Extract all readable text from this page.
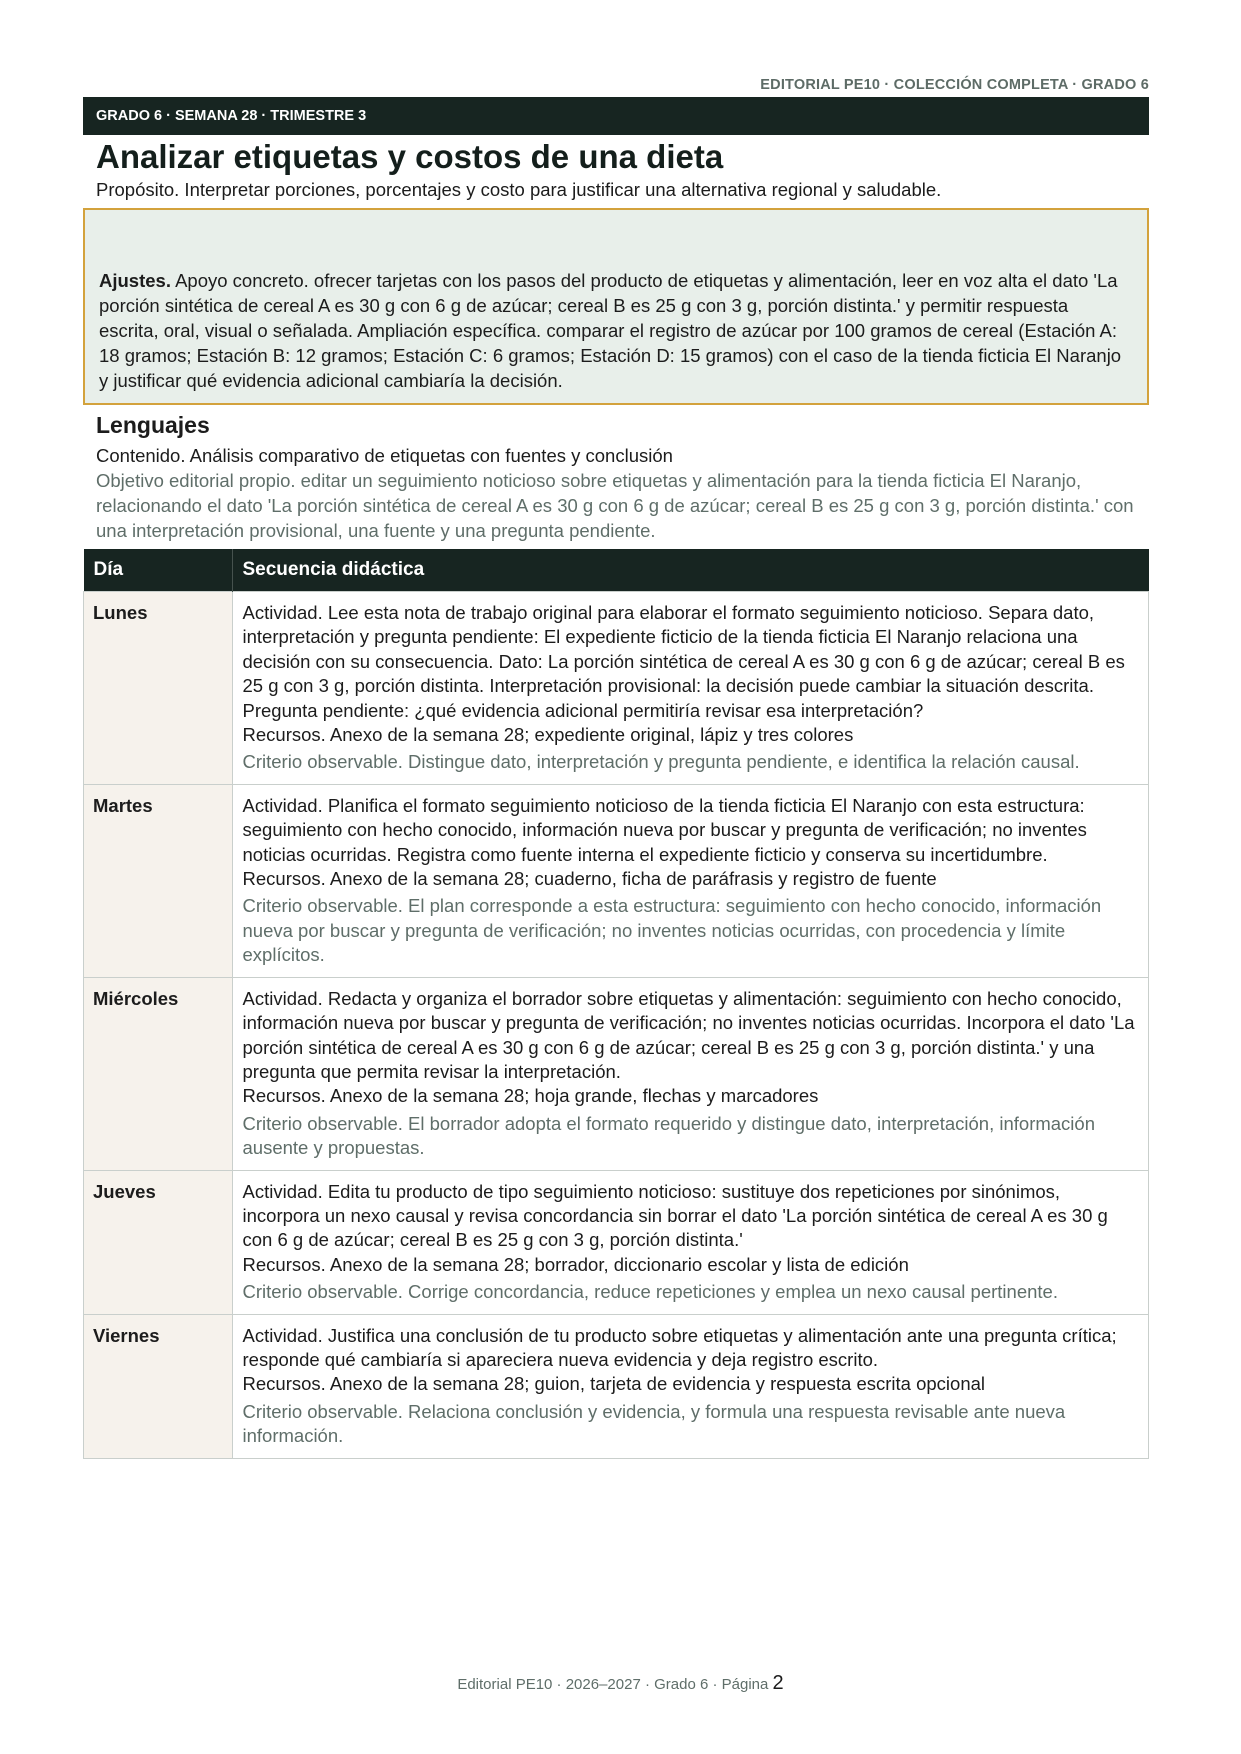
EDITORIAL PE10 · COLECCIÓN COMPLETA · GRADO 6
GRADO 6 · SEMANA 28 · TRIMESTRE 3
Analizar etiquetas y costos de una dieta
Propósito. Interpretar porciones, porcentajes y costo para justificar una alternativa regional y saludable.
Ajustes. Apoyo concreto. ofrecer tarjetas con los pasos del producto de etiquetas y alimentación, leer en voz alta el dato 'La porción sintética de cereal A es 30 g con 6 g de azúcar; cereal B es 25 g con 3 g, porción distinta.' y permitir respuesta escrita, oral, visual o señalada. Ampliación específica. comparar el registro de azúcar por 100 gramos de cereal (Estación A: 18 gramos; Estación B: 12 gramos; Estación C: 6 gramos; Estación D: 15 gramos) con el caso de la tienda ficticia El Naranjo y justificar qué evidencia adicional cambiaría la decisión.
Lenguajes
Contenido. Análisis comparativo de etiquetas con fuentes y conclusión
Objetivo editorial propio. editar un seguimiento noticioso sobre etiquetas y alimentación para la tienda ficticia El Naranjo, relacionando el dato 'La porción sintética de cereal A es 30 g con 6 g de azúcar; cereal B es 25 g con 3 g, porción distinta.' con una interpretación provisional, una fuente y una pregunta pendiente.
Día	Secuencia didáctica
Lunes	Actividad. Lee esta nota de trabajo original para elaborar el formato seguimiento noticioso. Separa dato, interpretación y pregunta pendiente: El expediente ficticio de la tienda ficticia El Naranjo relaciona una decisión con su consecuencia. Dato: La porción sintética de cereal A es 30 g con 6 g de azúcar; cereal B es 25 g con 3 g, porción distinta. Interpretación provisional: la decisión puede cambiar la situación descrita. Pregunta pendiente: ¿qué evidencia adicional permitiría revisar esa interpretación?
Recursos. Anexo de la semana 28; expediente original, lápiz y tres colores
Criterio observable. Distingue dato, interpretación y pregunta pendiente, e identifica la relación causal.

Martes	Actividad. Planifica el formato seguimiento noticioso de la tienda ficticia El Naranjo con esta estructura: seguimiento con hecho conocido, información nueva por buscar y pregunta de verificación; no inventes noticias ocurridas. Registra como fuente interna el expediente ficticio y conserva su incertidumbre.
Recursos. Anexo de la semana 28; cuaderno, ficha de paráfrasis y registro de fuente
Criterio observable. El plan corresponde a esta estructura: seguimiento con hecho conocido, información nueva por buscar y pregunta de verificación; no inventes noticias ocurridas, con procedencia y límite explícitos.

Miércoles	Actividad. Redacta y organiza el borrador sobre etiquetas y alimentación: seguimiento con hecho conocido, información nueva por buscar y pregunta de verificación; no inventes noticias ocurridas. Incorpora el dato 'La porción sintética de cereal A es 30 g con 6 g de azúcar; cereal B es 25 g con 3 g, porción distinta.' y una pregunta que permita revisar la interpretación.
Recursos. Anexo de la semana 28; hoja grande, flechas y marcadores
Criterio observable. El borrador adopta el formato requerido y distingue dato, interpretación, información ausente y propuestas.

Jueves	Actividad. Edita tu producto de tipo seguimiento noticioso: sustituye dos repeticiones por sinónimos, incorpora un nexo causal y revisa concordancia sin borrar el dato 'La porción sintética de cereal A es 30 g con 6 g de azúcar; cereal B es 25 g con 3 g, porción distinta.'
Recursos. Anexo de la semana 28; borrador, diccionario escolar y lista de edición
Criterio observable. Corrige concordancia, reduce repeticiones y emplea un nexo causal pertinente.

Viernes	Actividad. Justifica una conclusión de tu producto sobre etiquetas y alimentación ante una pregunta crítica; responde qué cambiaría si apareciera nueva evidencia y deja registro escrito.
Recursos. Anexo de la semana 28; guion, tarjeta de evidencia y respuesta escrita opcional
Criterio observable. Relaciona conclusión y evidencia, y formula una respuesta revisable ante nueva información.
Editorial PE10 · 2026–2027 · Grado 6 · Página 2
